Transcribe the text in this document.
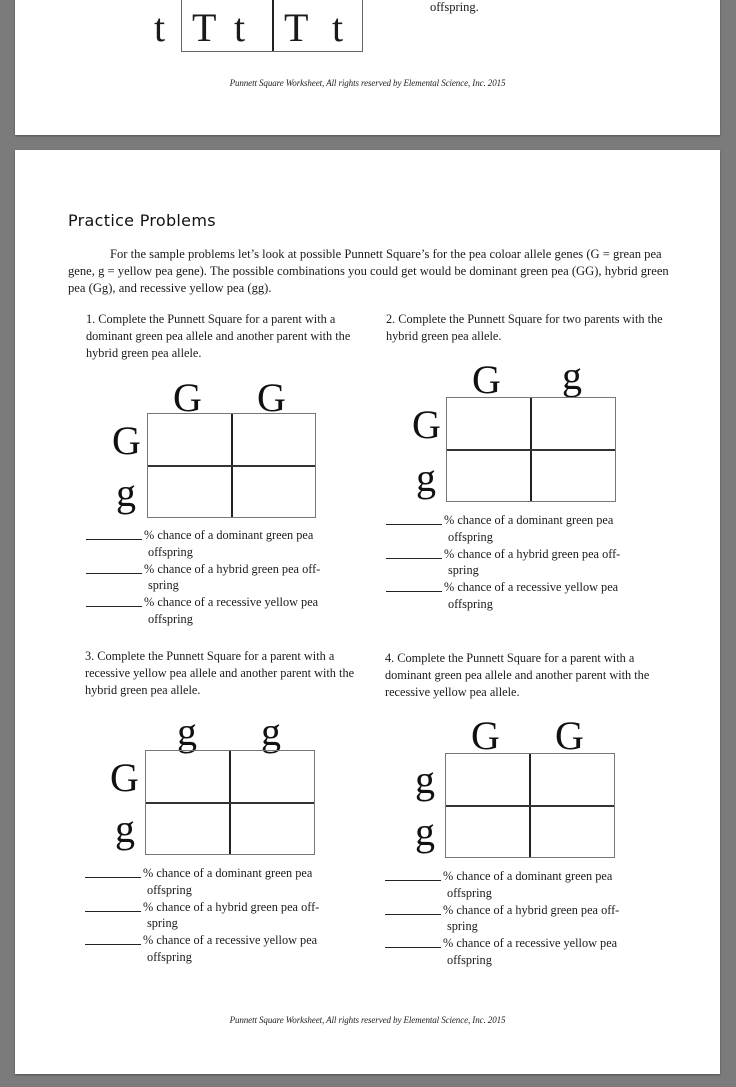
t T t T t	offspring.
Punnett Square Worksheet, All rights reserved by Elemental Science, Inc. 2015
Practice Problems
For the sample problems let’s look at possible Punnett Square’s for the pea coloar allele genes (G = grean pea gene, g = yellow pea gene). The possible combinations you could get would be dominant green pea (GG), hybrid green pea (Gg), and recessive yellow pea (gg).
1. Complete the Punnett Square for a parent with a dominant green pea allele and another parent with the hybrid green pea allele.
G G
G
g
% chance of a dominant green pea
offspring
% chance of a hybrid green pea off-
spring
% chance of a recessive yellow pea
offspring
2. Complete the Punnett Square for two parents with the hybrid green pea allele.
G g
G
g
% chance of a dominant green pea
offspring
% chance of a hybrid green pea off-
spring
% chance of a recessive yellow pea
offspring
3. Complete the Punnett Square for a parent with a recessive yellow pea allele and another parent with the hybrid green pea allele.
g g
G
g
% chance of a dominant green pea
offspring
% chance of a hybrid green pea off-
spring
% chance of a recessive yellow pea
offspring
4. Complete the Punnett Square for a parent with a dominant green pea allele and another parent with the recessive yellow pea allele.
G G
g
g
% chance of a dominant green pea
offspring
% chance of a hybrid green pea off-
spring
% chance of a recessive yellow pea
offspring
Punnett Square Worksheet, All rights reserved by Elemental Science, Inc. 2015
